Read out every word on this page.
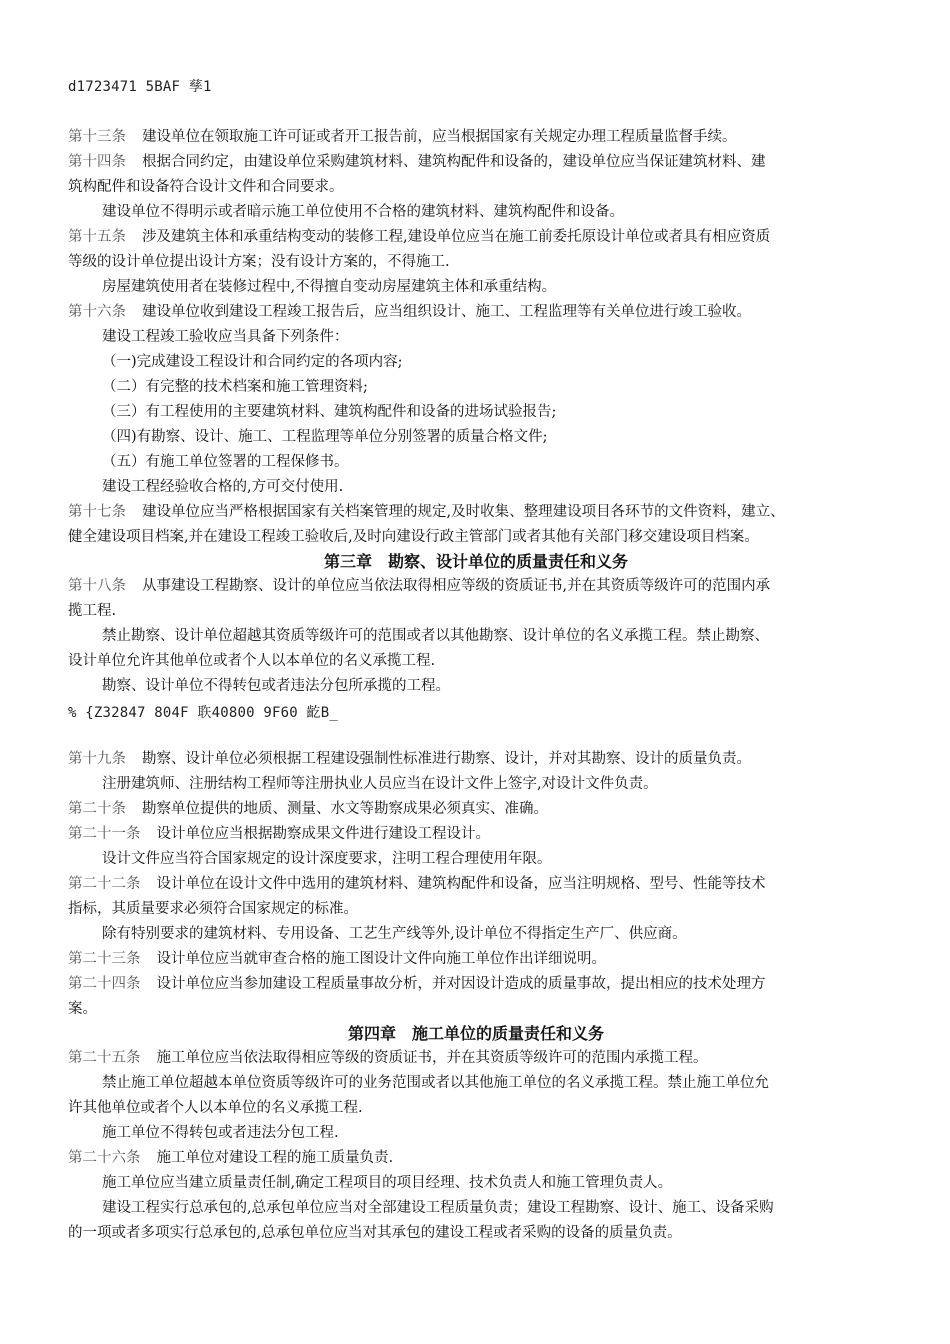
d1723471 5BAF 孳1
第十三条 建设单位在领取施工许可证或者开工报告前，应当根据国家有关规定办理工程质量监督手续。
第十四条 根据合同约定，由建设单位采购建筑材料、建筑构配件和设备的，建设单位应当保证建筑材料、建
筑构配件和设备符合设计文件和合同要求。
建设单位不得明示或者暗示施工单位使用不合格的建筑材料、建筑构配件和设备。
第十五条 涉及建筑主体和承重结构变动的装修工程,建设单位应当在施工前委托原设计单位或者具有相应资质
等级的设计单位提出设计方案；没有设计方案的，不得施工.
房屋建筑使用者在装修过程中,不得擅自变动房屋建筑主体和承重结构。
第十六条 建设单位收到建设工程竣工报告后，应当组织设计、施工、工程监理等有关单位进行竣工验收。
建设工程竣工验收应当具备下列条件：
（一)完成建设工程设计和合同约定的各项内容;
（二）有完整的技术档案和施工管理资料;
（三）有工程使用的主要建筑材料、建筑构配件和设备的进场试验报告;
（四)有勘察、设计、施工、工程监理等单位分别签署的质量合格文件;
（五）有施工单位签署的工程保修书。
建设工程经验收合格的,方可交付使用.
第十七条 建设单位应当严格根据国家有关档案管理的规定,及时收集、整理建设项目各环节的文件资料，建立、
健全建设项目档案,并在建设工程竣工验收后,及时向建设行政主管部门或者其他有关部门移交建设项目档案。
第三章　勘察、设计单位的质量责任和义务
第十八条 从事建设工程勘察、设计的单位应当依法取得相应等级的资质证书,并在其资质等级许可的范围内承
揽工程.
禁止勘察、设计单位超越其资质等级许可的范围或者以其他勘察、设计单位的名义承揽工程。禁止勘察、
设计单位允许其他单位或者个人以本单位的名义承揽工程.
勘察、设计单位不得转包或者违法分包所承揽的工程。
% {Z32847 804F 聅40800 9F60 齕B_
第十九条 勘察、设计单位必须根据工程建设强制性标准进行勘察、设计，并对其勘察、设计的质量负责。
注册建筑师、注册结构工程师等注册执业人员应当在设计文件上签字,对设计文件负责。
第二十条 勘察单位提供的地质、测量、水文等勘察成果必须真实、准确。
第二十一条 设计单位应当根据勘察成果文件进行建设工程设计。
设计文件应当符合国家规定的设计深度要求，注明工程合理使用年限。
第二十二条 设计单位在设计文件中选用的建筑材料、建筑构配件和设备，应当注明规格、型号、性能等技术
指标，其质量要求必须符合国家规定的标准。
除有特别要求的建筑材料、专用设备、工艺生产线等外,设计单位不得指定生产厂、供应商。
第二十三条 设计单位应当就审查合格的施工图设计文件向施工单位作出详细说明。
第二十四条 设计单位应当参加建设工程质量事故分析，并对因设计造成的质量事故，提出相应的技术处理方
案。
第四章　施工单位的质量责任和义务
第二十五条 施工单位应当依法取得相应等级的资质证书，并在其资质等级许可的范围内承揽工程。
禁止施工单位超越本单位资质等级许可的业务范围或者以其他施工单位的名义承揽工程。禁止施工单位允
许其他单位或者个人以本单位的名义承揽工程.
施工单位不得转包或者违法分包工程.
第二十六条 施工单位对建设工程的施工质量负责.
施工单位应当建立质量责任制,确定工程项目的项目经理、技术负责人和施工管理负责人。
建设工程实行总承包的,总承包单位应当对全部建设工程质量负责；建设工程勘察、设计、施工、设备采购
的一项或者多项实行总承包的,总承包单位应当对其承包的建设工程或者采购的设备的质量负责。
